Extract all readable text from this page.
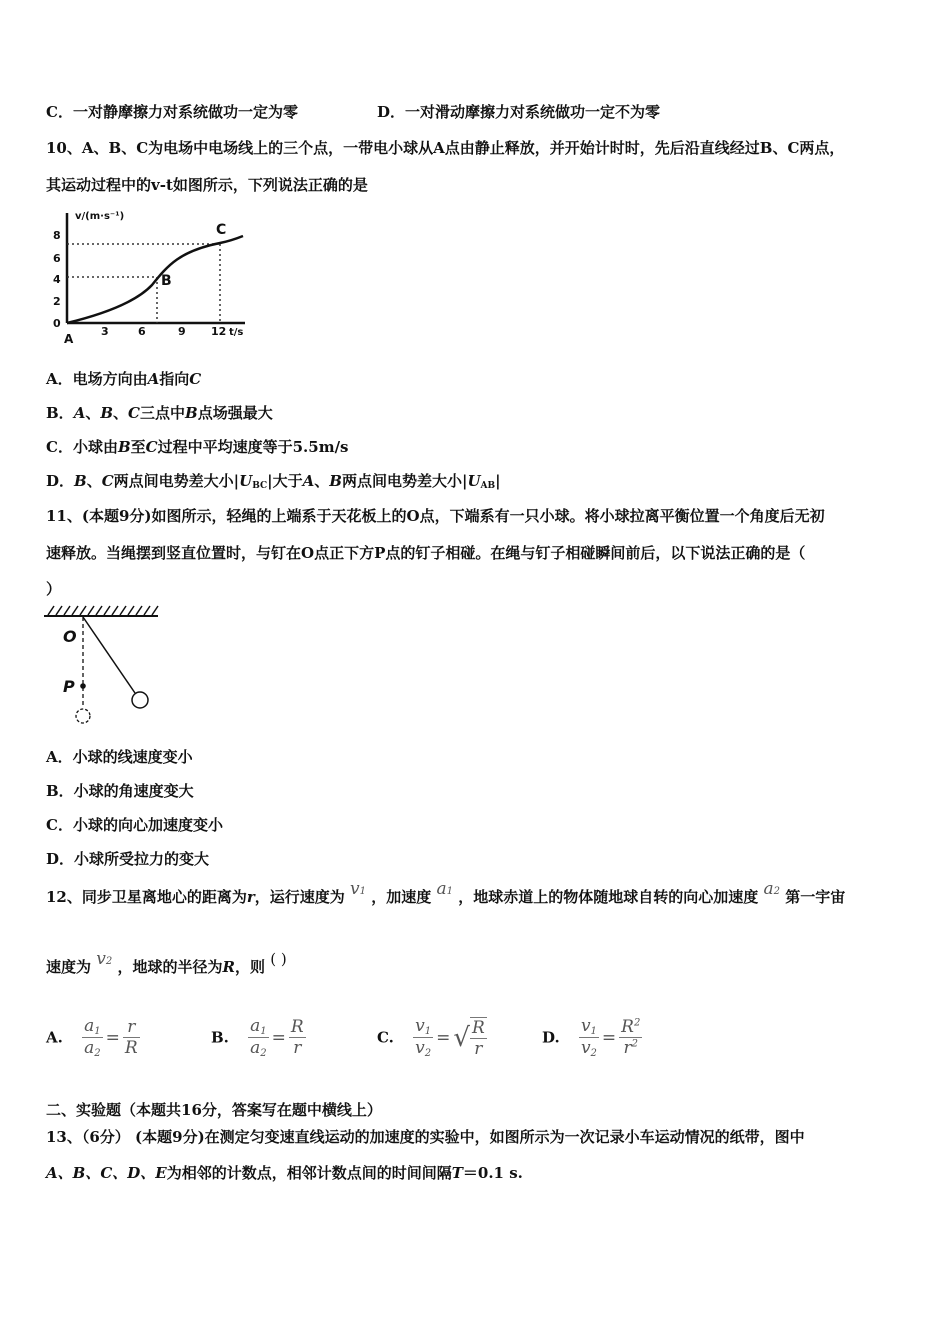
C．一对静摩擦力对系统做功一定为零	D．一对滑动摩擦力对系统做功一定不为零
10、A、B、C为电场中电场线上的三个点，一带电小球从A点由静止释放，并开始计时时，先后沿直线经过B、C两点，
其运动过程中的v-t如图所示，下列说法正确的是
v/(m·s⁻¹)
8
6
4
2
0
A
3	6	9 12 t/s
B
C
A．电场方向由A指向C
B．A、B、C三点中B点场强最大
C．小球由B至C过程中平均速度等于5.5m/s
D．B、C两点间电势差大小$|U_{BC}|$大于A、B两点间电势差大小$|U_{AB}|$
11、(本题9分)如图所示，轻绳的上端系于天花板上的O点，下端系有一只小球。将小球拉离平衡位置一个角度后无初
速释放。当绳摆到竖直位置时，与钉在O点正下方P点的钉子相碰。在绳与钉子相碰瞬间前后，以下说法正确的是（
）
O
P
A．小球的线速度变小
B．小球的角速度变大
C．小球的向心加速度变小
D．小球所受拉力的变大
12、同步卫星离地心的距离为r，运行速度为 v1 ，加速度 a1 ，地球赤道上的物体随地球自转的向心加速度 a2 第一宇宙
速度为 v2 ，地球的半径为R，则 ( )
A. $\frac{a1}{a2} = \frac{r}{R}$	B. $\frac{a1}{a2} = \frac{R}{r}$	C. $\frac{v1}{v2}$ = √ $\frac{R}{r}$	D. $\frac{v1}{v2} = \frac{R^2}{r^2}$
二、实验题（本题共16分，答案写在题中横线上）
13、（6分） (本题9分)在测定匀变速直线运动的加速度的实验中，如图所示为一次记录小车运动情况的纸带，图中
A、B、C、D、E为相邻的计数点，相邻计数点间的时间间隔T＝0.1 s.
